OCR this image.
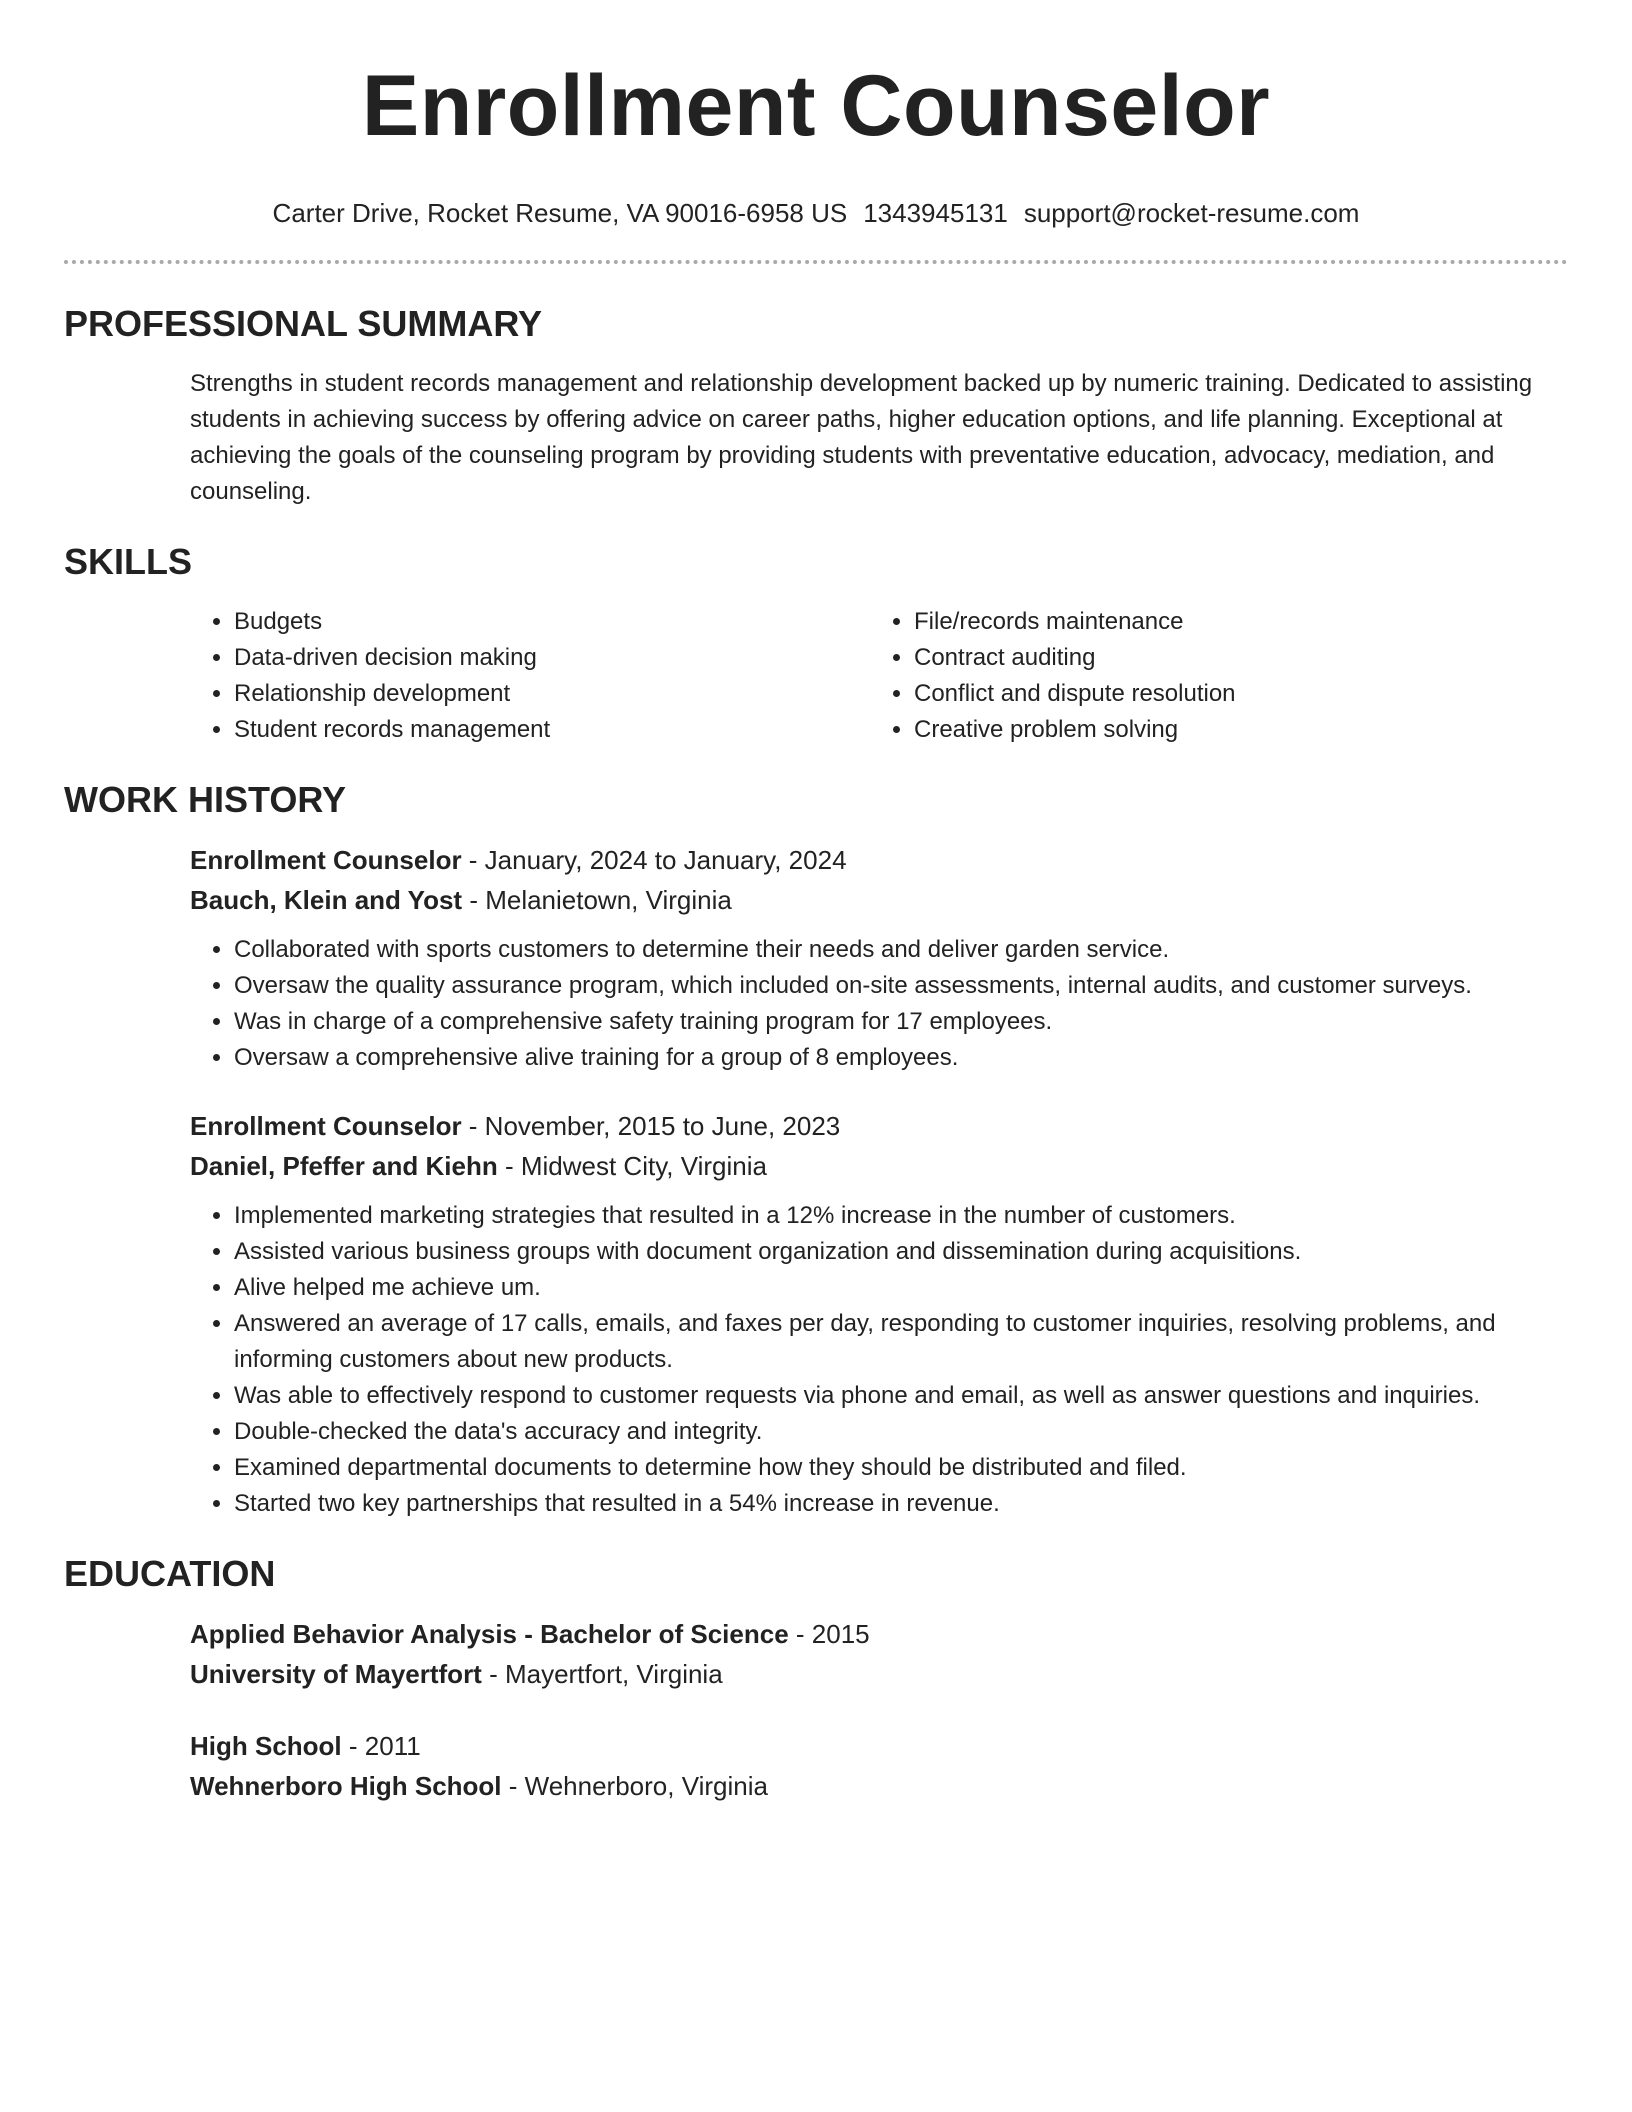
Enrollment Counselor
Carter Drive, Rocket Resume, VA 90016-6958 US 1343945131 support@rocket-resume.com
PROFESSIONAL SUMMARY

Strengths in student records management and relationship development backed up by numeric training. Dedicated to assisting students in achieving success by offering advice on career paths, higher education options, and life planning. Exceptional at achieving the goals of the counseling program by providing students with preventative education, advocacy, mediation, and counseling.

SKILLS
• Budgets
• Data-driven decision making
• Relationship development
• Student records management
• File/records maintenance
• Contract auditing
• Conflict and dispute resolution
• Creative problem solving
WORK HISTORY
Enrollment Counselor - January, 2024 to January, 2024
Bauch, Klein and Yost - Melanietown, Virginia
• Collaborated with sports customers to determine their needs and deliver garden service.
• Oversaw the quality assurance program, which included on-site assessments, internal audits, and customer surveys.
• Was in charge of a comprehensive safety training program for 17 employees.
• Oversaw a comprehensive alive training for a group of 8 employees.
Enrollment Counselor - November, 2015 to June, 2023
Daniel, Pfeffer and Kiehn - Midwest City, Virginia
• Implemented marketing strategies that resulted in a 12% increase in the number of customers.
• Assisted various business groups with document organization and dissemination during acquisitions.
• Alive helped me achieve um.
• Answered an average of 17 calls, emails, and faxes per day, responding to customer inquiries, resolving problems, and informing customers about new products.
• Was able to effectively respond to customer requests via phone and email, as well as answer questions and inquiries.
• Double-checked the data's accuracy and integrity.
• Examined departmental documents to determine how they should be distributed and filed.
• Started two key partnerships that resulted in a 54% increase in revenue.
EDUCATION
Applied Behavior Analysis - Bachelor of Science - 2015
University of Mayertfort - Mayertfort, Virginia
High School - 2011
Wehnerboro High School - Wehnerboro, Virginia
